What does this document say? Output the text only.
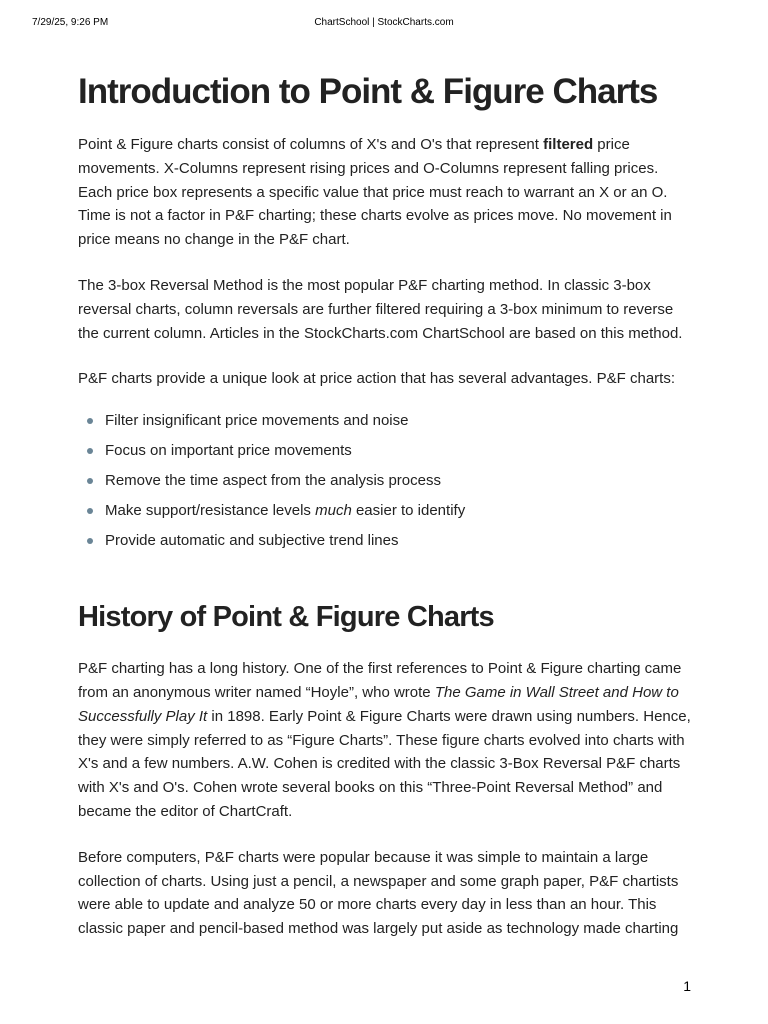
7/29/25, 9:26 PM	ChartSchool | StockCharts.com
Introduction to Point & Figure Charts

Point & Figure charts consist of columns of X's and O's that represent filtered price movements. X-Columns represent rising prices and O-Columns represent falling prices. Each price box represents a specific value that price must reach to warrant an X or an O. Time is not a factor in P&F charting; these charts evolve as prices move. No movement in price means no change in the P&F chart.

The 3-box Reversal Method is the most popular P&F charting method. In classic 3-box reversal charts, column reversals are further filtered requiring a 3-box minimum to reverse the current column. Articles in the StockCharts.com ChartSchool are based on this method.

P&F charts provide a unique look at price action that has several advantages. P&F charts:

Filter insignificant price movements and noise
Focus on important price movements
Remove the time aspect from the analysis process
Make support/resistance levels much easier to identify
Provide automatic and subjective trend lines
History of Point & Figure Charts

P&F charting has a long history. One of the first references to Point & Figure charting came from an anonymous writer named “Hoyle”, who wrote The Game in Wall Street and How to Successfully Play It in 1898. Early Point & Figure Charts were drawn using numbers. Hence, they were simply referred to as “Figure Charts”. These figure charts evolved into charts with X's and a few numbers. A.W. Cohen is credited with the classic 3-Box Reversal P&F charts with X's and O's. Cohen wrote several books on this “Three-Point Reversal Method” and became the editor of ChartCraft.

Before computers, P&F charts were popular because it was simple to maintain a large collection of charts. Using just a pencil, a newspaper and some graph paper, P&F chartists were able to update and analyze 50 or more charts every day in less than an hour. This classic paper and pencil-based method was largely put aside as technology made charting

1
